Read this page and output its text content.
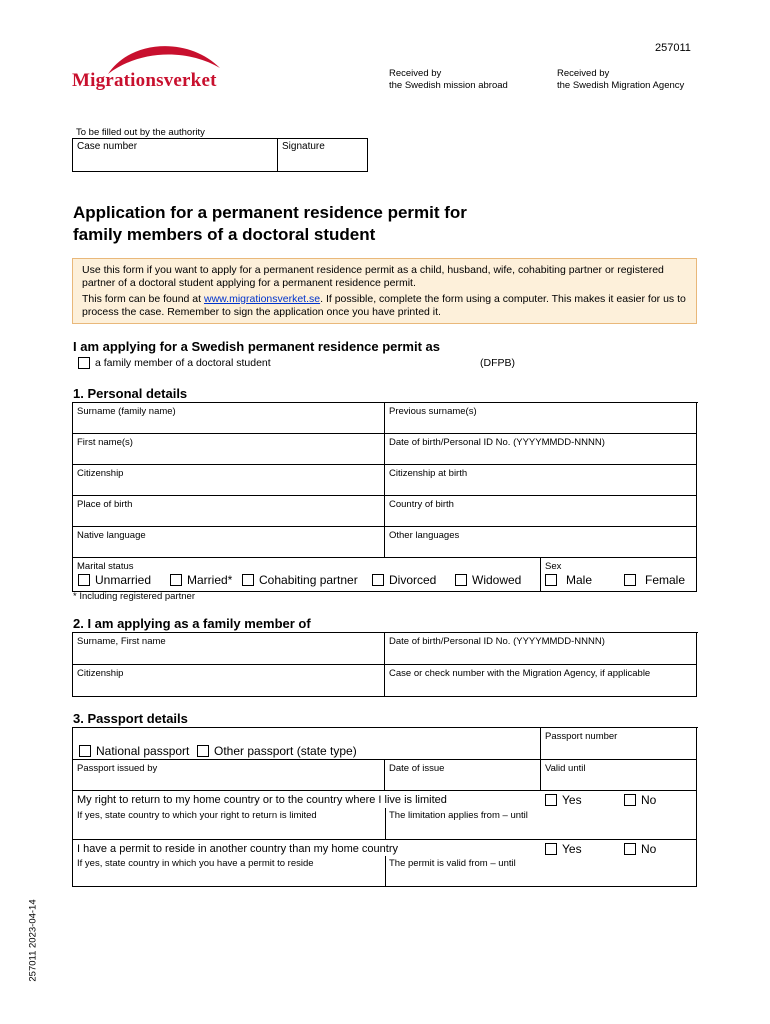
Migrationsverket
257011
Received by
the Swedish mission abroad
Received by
the Swedish Migration Agency
To be filled out by the authority
Case number	Signature
Application for a permanent residence permit for
family members of a doctoral student

Use this form if you want to apply for a permanent residence permit as a child, husband, wife, cohabiting partner or registered partner of a doctoral student applying for a permanent residence permit.

This form can be found at www.migrationsverket.se. If possible, complete the form using a computer. This makes it easier for us to process the case. Remember to sign the application once you have printed it.

I am applying for a Swedish permanent residence permit as
a family member of a doctoral student	(DFPB)
1. Personal details
Surname (family name)	Previous surname(s)
First name(s)	Date of birth/Personal ID No. (YYYYMMDD-NNNN)
Citizenship	Citizenship at birth
Place of birth	Country of birth
Native language	Other languages
Marital status	Sex
Unmarried	Married* Cohabiting partner	Divorced	Widowed	Male	Female
* Including registered partner
2. I am applying as a family member of
Surname, First name	Date of birth/Personal ID No. (YYYYMMDD-NNNN)
Citizenship	Case or check number with the Migration Agency, if applicable
3. Passport details
Passport number
National passport Other passport (state type)
Passport issued by	Date of issue	Valid until
My right to return to my home country or to the country where I live is limited	Yes	No
If yes, state country to which your right to return is limited	The limitation applies from – until
I have a permit to reside in another country than my home country	Yes	No
If yes, state country in which you have a permit to reside	The permit is valid from – until
257011 2023-04-14
